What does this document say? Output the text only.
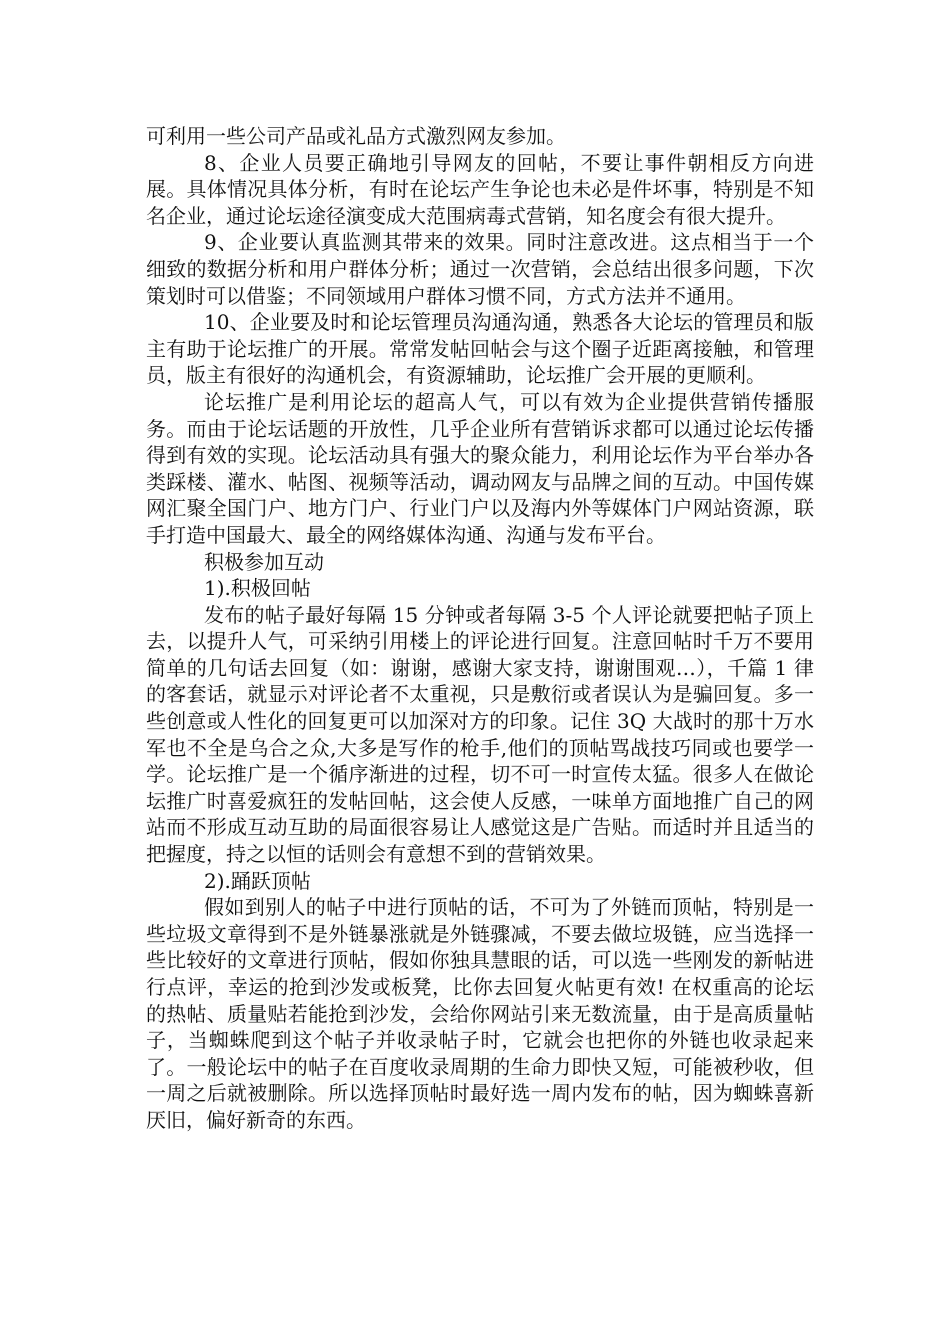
可利用一些公司产品或礼品方式激烈网友参加。

8、企业人员要正确地引导网友的回帖，不要让事件朝相反方向进展。具体情况具体分析，有时在论坛产生争论也未必是件坏事，特别是不知名企业，通过论坛途径演变成大范围病毒式营销，知名度会有很大提升。

9、企业要认真监测其带来的效果。同时注意改进。这点相当于一个细致的数据分析和用户群体分析；通过一次营销，会总结出很多问题，下次策划时可以借鉴；不同领域用户群体习惯不同，方式方法并不通用。

10、企业要及时和论坛管理员沟通沟通，熟悉各大论坛的管理员和版主有助于论坛推广的开展。常常发帖回帖会与这个圈子近距离接触，和管理员，版主有很好的沟通机会，有资源辅助，论坛推广会开展的更顺利。

论坛推广是利用论坛的超高人气，可以有效为企业提供营销传播服务。而由于论坛话题的开放性，几乎企业所有营销诉求都可以通过论坛传播得到有效的实现。论坛活动具有强大的聚众能力，利用论坛作为平台举办各类踩楼、灌水、帖图、视频等活动，调动网友与品牌之间的互动。中国传媒网汇聚全国门户、地方门户、行业门户以及海内外等媒体门户网站资源，联手打造中国最大、最全的网络媒体沟通、沟通与发布平台。

积极参加互动

1).积极回帖

发布的帖子最好每隔 15 分钟或者每隔 3-5 个人评论就要把帖子顶上去，以提升人气，可采纳引用楼上的评论进行回复。注意回帖时千万不要用简单的几句话去回复（如：谢谢，感谢大家支持，谢谢围观…），千篇 1 律的客套话，就显示对评论者不太重视，只是敷衍或者误认为是骗回复。多一些创意或人性化的回复更可以加深对方的印象。记住 3Q 大战时的那十万水军也不全是乌合之众,大多是写作的枪手,他们的顶帖骂战技巧同或也要学一学。论坛推广是一个循序渐进的过程，切不可一时宣传太猛。很多人在做论坛推广时喜爱疯狂的发帖回帖，这会使人反感，一味单方面地推广自己的网站而不形成互动互助的局面很容易让人感觉这是广告贴。而适时并且适当的把握度，持之以恒的话则会有意想不到的营销效果。

2).踊跃顶帖

假如到别人的帖子中进行顶帖的话，不可为了外链而顶帖，特别是一些垃圾文章得到不是外链暴涨就是外链骤减，不要去做垃圾链，应当选择一些比较好的文章进行顶帖，假如你独具慧眼的话，可以选一些刚发的新帖进行点评，幸运的抢到沙发或板凳，比你去回复火帖更有效! 在权重高的论坛的热帖、质量贴若能抢到沙发，会给你网站引来无数流量，由于是高质量帖子，当蜘蛛爬到这个帖子并收录帖子时，它就会也把你的外链也收录起来了。一般论坛中的帖子在百度收录周期的生命力即快又短，可能被秒收，但一周之后就被删除。所以选择顶帖时最好选一周内发布的帖，因为蜘蛛喜新厌旧，偏好新奇的东西。
